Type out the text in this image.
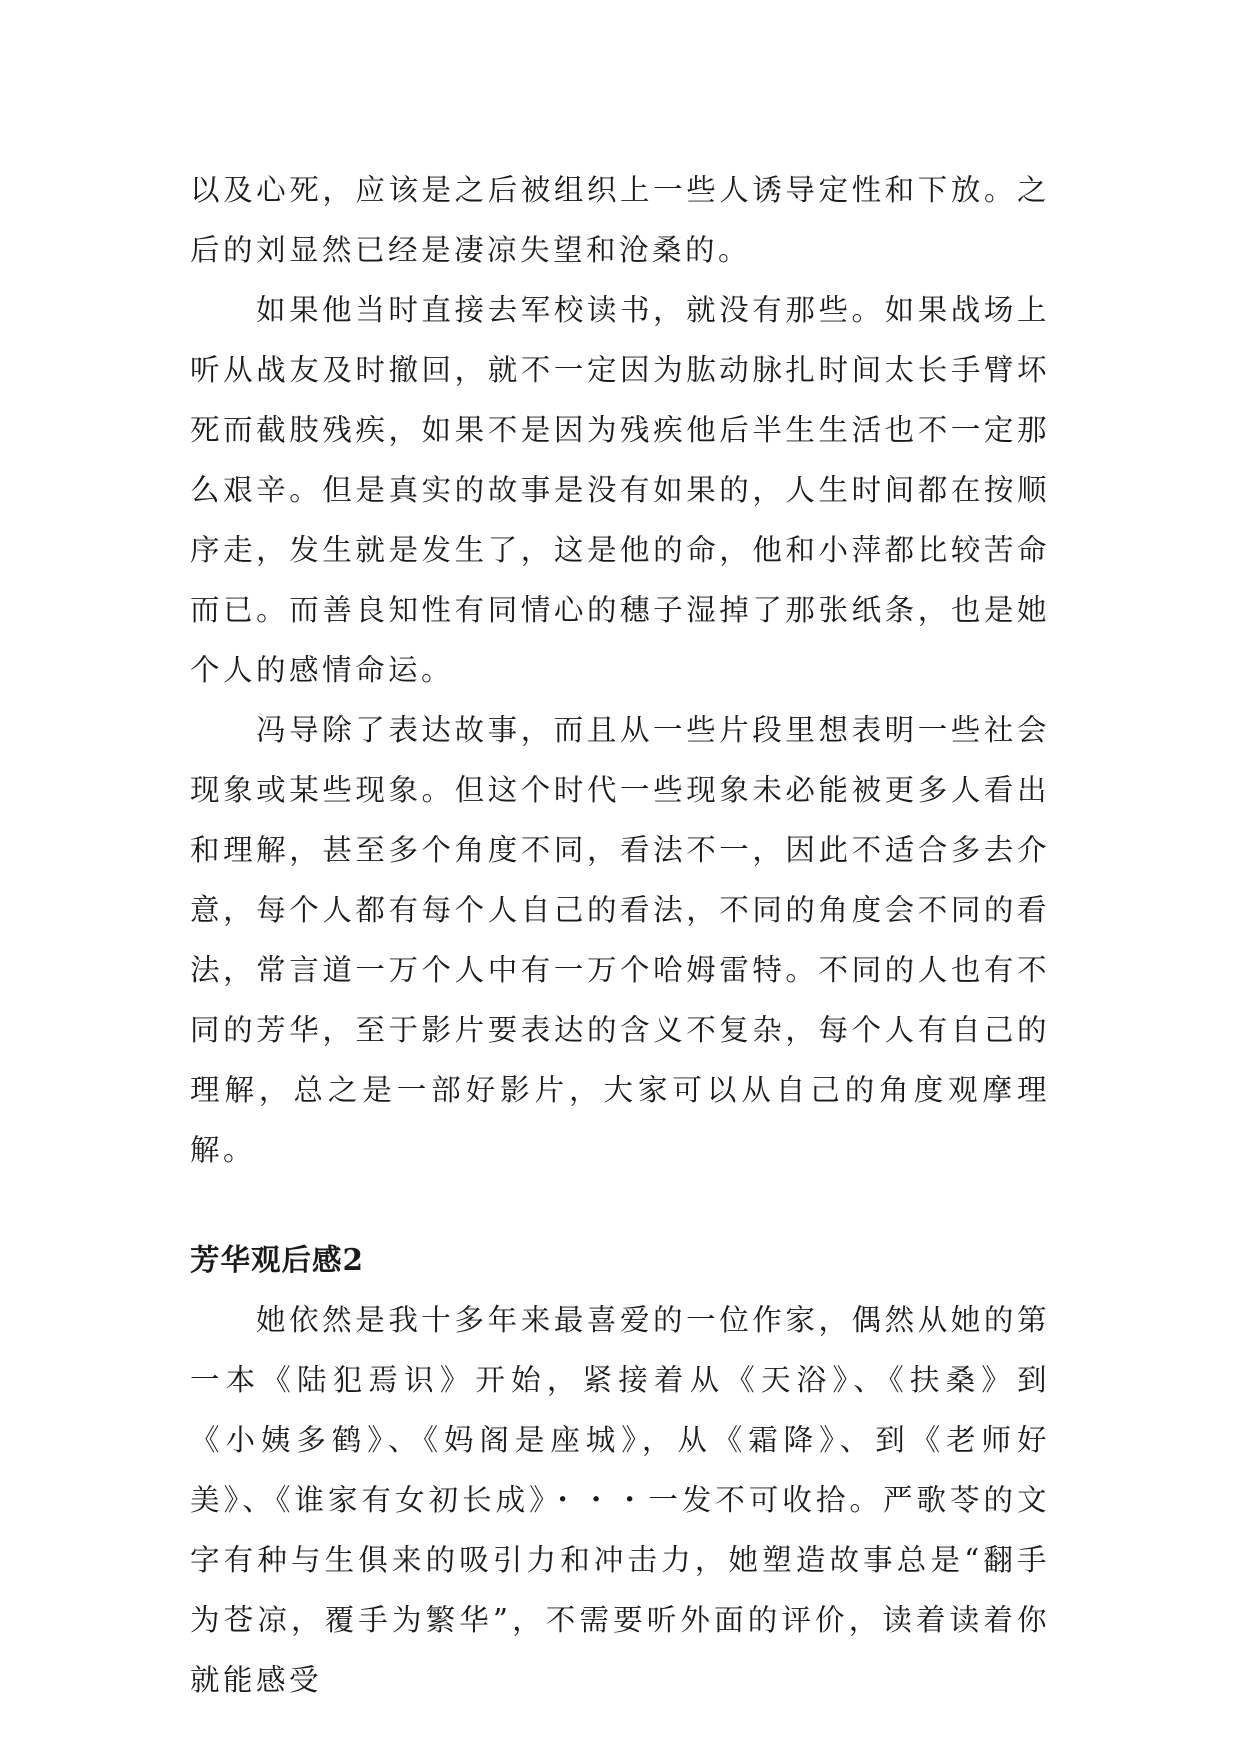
以及心死，应该是之后被组织上一些人诱导定性和下放。之后的刘显然已经是凄凉失望和沧桑的。

如果他当时直接去军校读书，就没有那些。如果战场上听从战友及时撤回，就不一定因为肱动脉扎时间太长手臂坏死而截肢残疾，如果不是因为残疾他后半生生活也不一定那么艰辛。但是真实的故事是没有如果的，人生时间都在按顺序走，发生就是发生了，这是他的命，他和小萍都比较苦命而已。而善良知性有同情心的穗子湿掉了那张纸条，也是她个人的感情命运。

冯导除了表达故事，而且从一些片段里想表明一些社会现象或某些现象。但这个时代一些现象未必能被更多人看出和理解，甚至多个角度不同，看法不一，因此不适合多去介意，每个人都有每个人自己的看法，不同的角度会不同的看法，常言道一万个人中有一万个哈姆雷特。不同的人也有不同的芳华，至于影片要表达的含义不复杂，每个人有自己的理解，总之是一部好影片，大家可以从自己的角度观摩理解。

芳华观后感2

她依然是我十多年来最喜爱的一位作家，偶然从她的第一本《陆犯焉识》开始，紧接着从《天浴》、《扶桑》到《小姨多鹤》、《妈阁是座城》，从《霜降》、到《老师好美》、《谁家有女初长成》・・・一发不可收拾。严歌苓的文字有种与生俱来的吸引力和冲击力，她塑造故事总是“翻手为苍凉，覆手为繁华”，不需要听外面的评价，读着读着你就能感受
